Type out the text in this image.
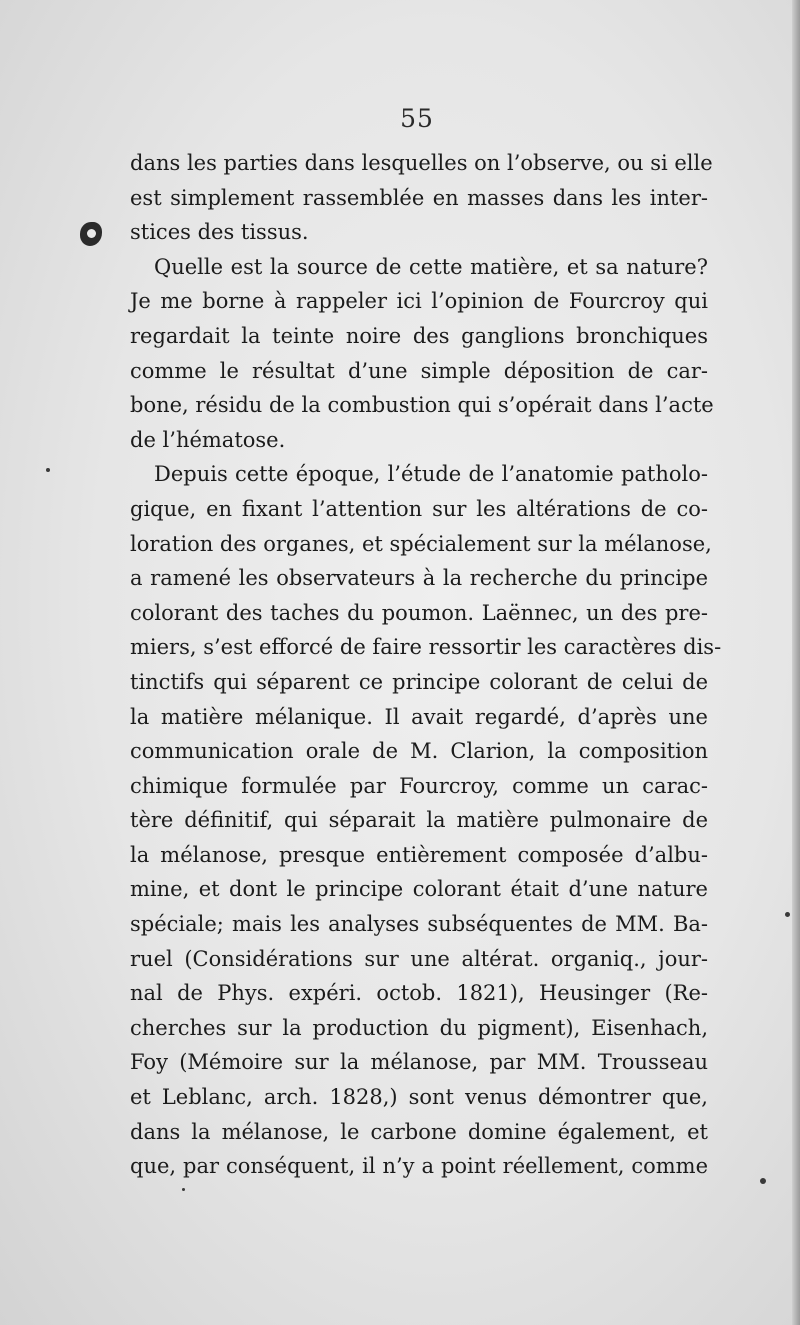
55
dans les parties dans lesquelles on l’observe, ou si elle
est simplement rassemblée en masses dans les inter-
stices des tissus.
Quelle est la source de cette matière, et sa nature?
Je me borne à rappeler ici l’opinion de Fourcroy qui
regardait la teinte noire des ganglions bronchiques
comme le résultat d’une simple déposition de car-
bone, résidu de la combustion qui s’opérait dans l’acte
de l’hématose.
Depuis cette époque, l’étude de l’anatomie patholo-
gique, en fixant l’attention sur les altérations de co-
loration des organes, et spécialement sur la mélanose,
a ramené les observateurs à la recherche du principe
colorant des taches du poumon. Laënnec, un des pre-
miers, s’est efforcé de faire ressortir les caractères dis-
tinctifs qui séparent ce principe colorant de celui de
la matière mélanique. Il avait regardé, d’après une
communication orale de M. Clarion, la composition
chimique formulée par Fourcroy, comme un carac-
tère définitif, qui séparait la matière pulmonaire de
la mélanose, presque entièrement composée d’albu-
mine, et dont le principe colorant était d’une nature
spéciale; mais les analyses subséquentes de MM. Ba-
ruel (Considérations sur une altérat. organiq., jour-
nal de Phys. expéri. octob. 1821), Heusinger (Re-
cherches sur la production du pigment), Eisenhach,
Foy (Mémoire sur la mélanose, par MM. Trousseau
et Leblanc, arch. 1828,) sont venus démontrer que,
dans la mélanose, le carbone domine également, et
que, par conséquent, il n’y a point réellement, comme
